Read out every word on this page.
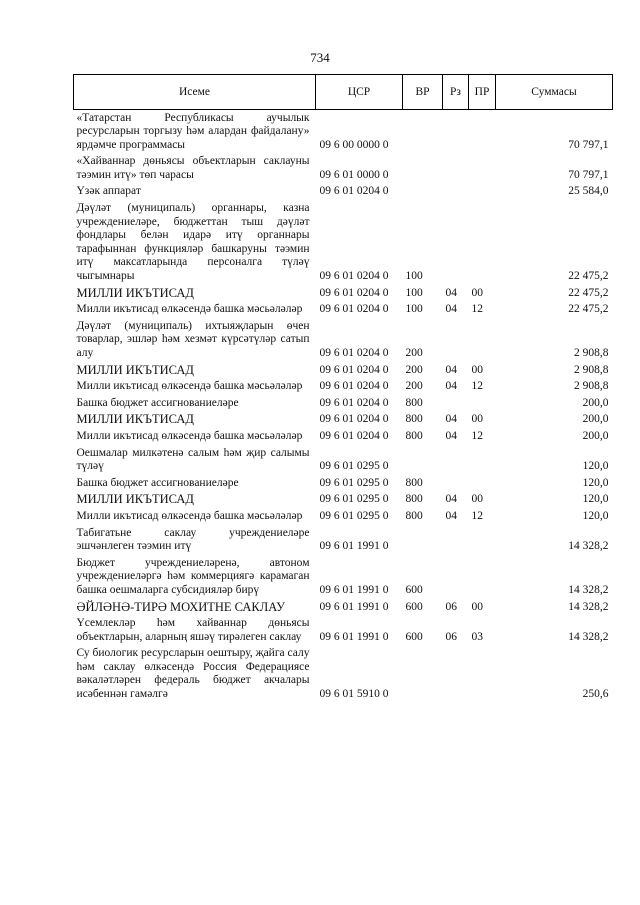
734
Исеме	ЦСР	ВР	Рз	ПР	Суммасы
«Татарстан Республикасы аучылык ресурсларын торгызу һәм алардан файдалану» ярдәмче программасы	09 6 00 0000 0				70 797,1
«Хайваннар дөньясы объектларын саклауны тәэмин итү» төп чарасы	09 6 01 0000 0				70 797,1
Үзәк аппарат	09 6 01 0204 0				25 584,0
Дәүләт (муниципаль) органнары, казна учреждениеләре, бюджеттан тыш дәүләт фондлары белән идарә итү органнары тарафыннан функцияләр башкаруны тәэмин итү максатларында персоналга түләү чыгымнары	09 6 01 0204 0	100			22 475,2
МИЛЛИ ИКЪТИСАД	09 6 01 0204 0	100	04	00	22 475,2
Милли икътисад өлкәсендә башка мәсьәләләр	09 6 01 0204 0	100	04	12	22 475,2
Дәүләт (муниципаль) ихтыяҗларын өчен товарлар, эшләр һәм хезмәт күрсәтүләр сатып алу	09 6 01 0204 0	200			2 908,8
МИЛЛИ ИКЪТИСАД	09 6 01 0204 0	200	04	00	2 908,8
Милли икътисад өлкәсендә башка мәсьәләләр	09 6 01 0204 0	200	04	12	2 908,8
Башка бюджет ассигнованиеләре	09 6 01 0204 0	800			200,0
МИЛЛИ ИКЪТИСАД	09 6 01 0204 0	800	04	00	200,0
Милли икътисад өлкәсендә башка мәсьәләләр	09 6 01 0204 0	800	04	12	200,0
Оешмалар милкәтенә салым һәм җир салымы түләү	09 6 01 0295 0				120,0
Башка бюджет ассигнованиеләре	09 6 01 0295 0	800			120,0
МИЛЛИ ИКЪТИСАД	09 6 01 0295 0	800	04	00	120,0
Милли икътисад өлкәсендә башка мәсьәләләр	09 6 01 0295 0	800	04	12	120,0
Табигатьне саклау учреждениеләре эшчәнлеген тәэмин итү	09 6 01 1991 0				14 328,2
Бюджет учреждениеләренә, автоном учреждениеләргә һәм коммерциягә карамаган башка оешмаларга субсидияләр бирү	09 6 01 1991 0	600			14 328,2
ӘЙЛӘНӘ-ТИРӘ МОХИТНЕ САКЛАУ	09 6 01 1991 0	600	06	00	14 328,2
Үсемлекләр һәм хайваннар дөньясы объектларын, аларның яшәү тирәлеген саклау	09 6 01 1991 0	600	06	03	14 328,2
Су биологик ресурсларын оештыру, җайга салу һәм саклау өлкәсендә Россия Федерациясе вәкаләтләрен федераль бюджет акчалары исәбеннән гамәлгә	09 6 01 5910 0				250,6
